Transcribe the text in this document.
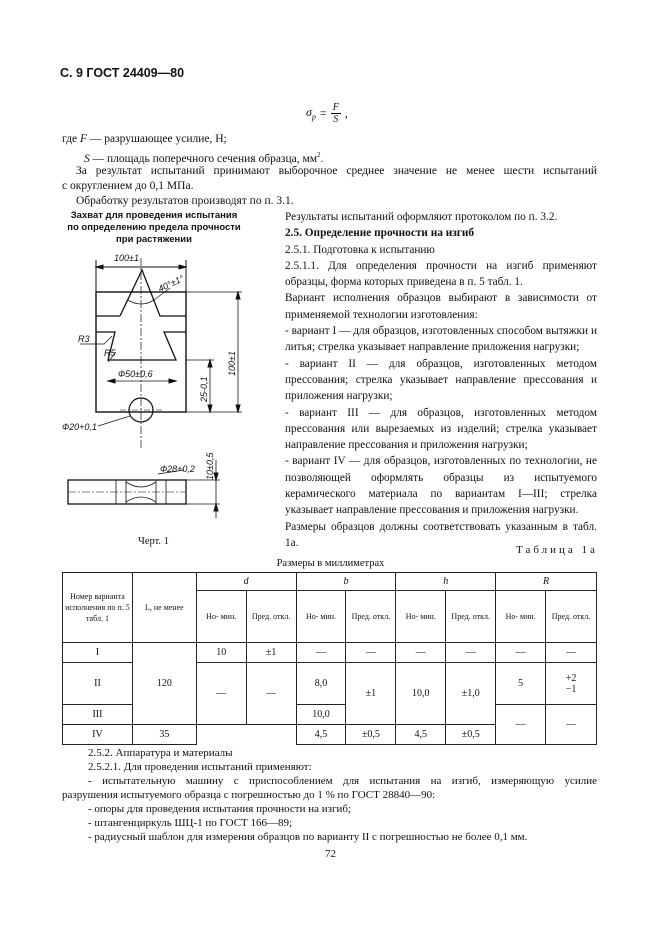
С. 9 ГОСТ 24409—80
$\sigma_р = \frac{F}{S}$ ,
где F — разрушающее усилие, Н;
S — площадь поперечного сечения образца, $мм^2$.
За результат испытаний принимают выборочное среднее значение не менее шести испытаний
с округлением до 0,1 МПа.
Обработку результатов производят по п. 3.1.
Захват для проведения испытания
по определению предела прочности
при растяжении
100±1
40°±1°
R3
R5
Ф50±0,6
Ф20+0,1
25-0,1
100±1
Ф28+0,2 10±0,5
Черт. 1

Результаты испытаний оформляют протоколом по п. 3.2.

2.5. Определение прочности на изгиб

2.5.1. Подготовка к испытанию

2.5.1.1. Для определения прочности на изгиб применяют образцы, форма которых приведена в п. 5 табл. 1.

Вариант исполнения образцов выбирают в зависимости от применяемой технологии изготовления:

- вариант I — для образцов, изготовленных способом вытяжки и литья; стрелка указывает направление приложения нагрузки;

- вариант II — для образцов, изготовленных методом прессования; стрелка указывает направление прессования и приложения нагрузки;

- вариант III — для образцов, изготовленных методом прессования или вырезаемых из изделий; стрелка указывает направление прессования и приложения нагрузки;

- вариант IV — для образцов, изготовленных по технологии, не позволяющей оформлять образцы из испытуемого керамического материала по вариантам I—III; стрелка указывает направление прессования и приложения нагрузки.

Размеры образцов должны соответствовать указанным в табл. 1а.

Таблица 1а
Размеры в миллиметрах
Номер варианта исполнения по п. 5 табл. 1	L, не менее	d		b		h		R	
		Но- мин.	Пред. откл.	Но- мин.	Пред. откл.	Но- мин.	Пред. откл.	Но- мин.	Пред. откл.
I	120	10	±1	—	—	—	—	—	—
II		—	—	8,0	±1	10,0	±1,0	5	+2
−1

III				10,0				—	—
IV	35			4,5	±0,5	4,5	±0,5		
2.5.2. Аппаратура и материалы
2.5.2.1. Для проведения испытаний применяют:
- испытательную машину с приспособлением для испытания на изгиб, измеряющую усилие
разрушения испытуемого образца с погрешностью до 1 % по ГОСТ 28840—90:
- опоры для проведения испытания прочности на изгиб;
- штангенциркуль ШЦ-1 по ГОСТ 166—89;
- радиусный шаблон для измерения образцов по варианту II с погрешностью не более 0,1 мм.
72
